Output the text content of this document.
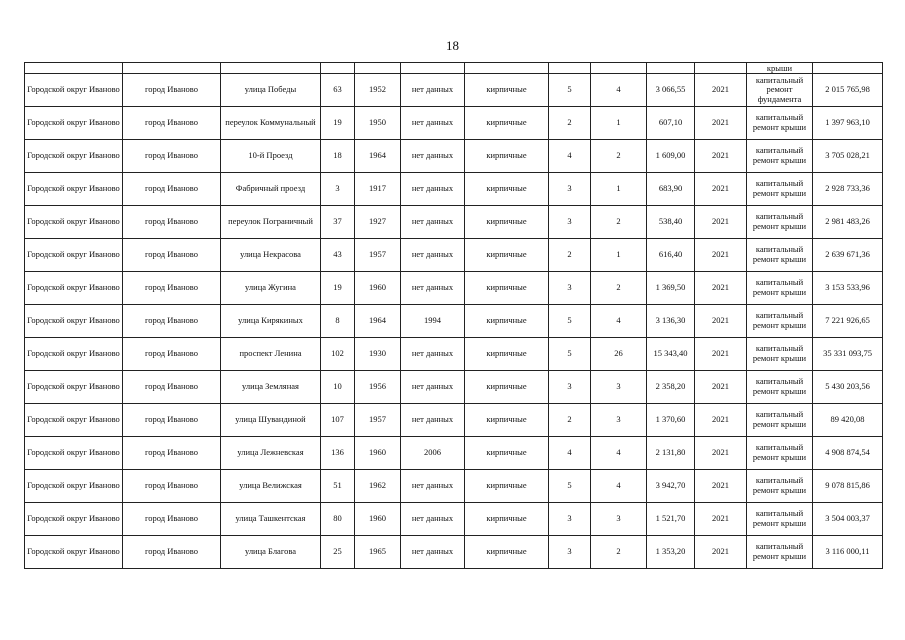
18
											крыши	
Городской округ Иваново	город Иваново	улица Победы	63	1952	нет данных	кирпичные	5	4	3 066,55	2021	капитальный ремонт фундамента	2 015 765,98
Городской округ Иваново	город Иваново	переулок Коммунальный	19	1950	нет данных	кирпичные	2	1	607,10	2021	капитальный ремонт крыши	1 397 963,10
Городской округ Иваново	город Иваново	10-й Проезд	18	1964	нет данных	кирпичные	4	2	1 609,00	2021	капитальный ремонт крыши	3 705 028,21
Городской округ Иваново	город Иваново	Фабричный проезд	3	1917	нет данных	кирпичные	3	1	683,90	2021	капитальный ремонт крыши	2 928 733,36
Городской округ Иваново	город Иваново	переулок Пограничный	37	1927	нет данных	кирпичные	3	2	538,40	2021	капитальный ремонт крыши	2 981 483,26
Городской округ Иваново	город Иваново	улица Некрасова	43	1957	нет данных	кирпичные	2	1	616,40	2021	капитальный ремонт крыши	2 639 671,36
Городской округ Иваново	город Иваново	улица Жугина	19	1960	нет данных	кирпичные	3	2	1 369,50	2021	капитальный ремонт крыши	3 153 533,96
Городской округ Иваново	город Иваново	улица Кирякиных	8	1964	1994	кирпичные	5	4	3 136,30	2021	капитальный ремонт крыши	7 221 926,65
Городской округ Иваново	город Иваново	проспект Ленина	102	1930	нет данных	кирпичные	5	26	15 343,40	2021	капитальный ремонт крыши	35 331 093,75
Городской округ Иваново	город Иваново	улица Земляная	10	1956	нет данных	кирпичные	3	3	2 358,20	2021	капитальный ремонт крыши	5 430 203,56
Городской округ Иваново	город Иваново	улица Шувандиной	107	1957	нет данных	кирпичные	2	3	1 370,60	2021	капитальный ремонт крыши	89 420,08
Городской округ Иваново	город Иваново	улица Лежневская	136	1960	2006	кирпичные	4	4	2 131,80	2021	капитальный ремонт крыши	4 908 874,54
Городской округ Иваново	город Иваново	улица Велижская	51	1962	нет данных	кирпичные	5	4	3 942,70	2021	капитальный ремонт крыши	9 078 815,86
Городской округ Иваново	город Иваново	улица Ташкентская	80	1960	нет данных	кирпичные	3	3	1 521,70	2021	капитальный ремонт крыши	3 504 003,37
Городской округ Иваново	город Иваново	улица Благова	25	1965	нет данных	кирпичные	3	2	1 353,20	2021	капитальный ремонт крыши	3 116 000,11
